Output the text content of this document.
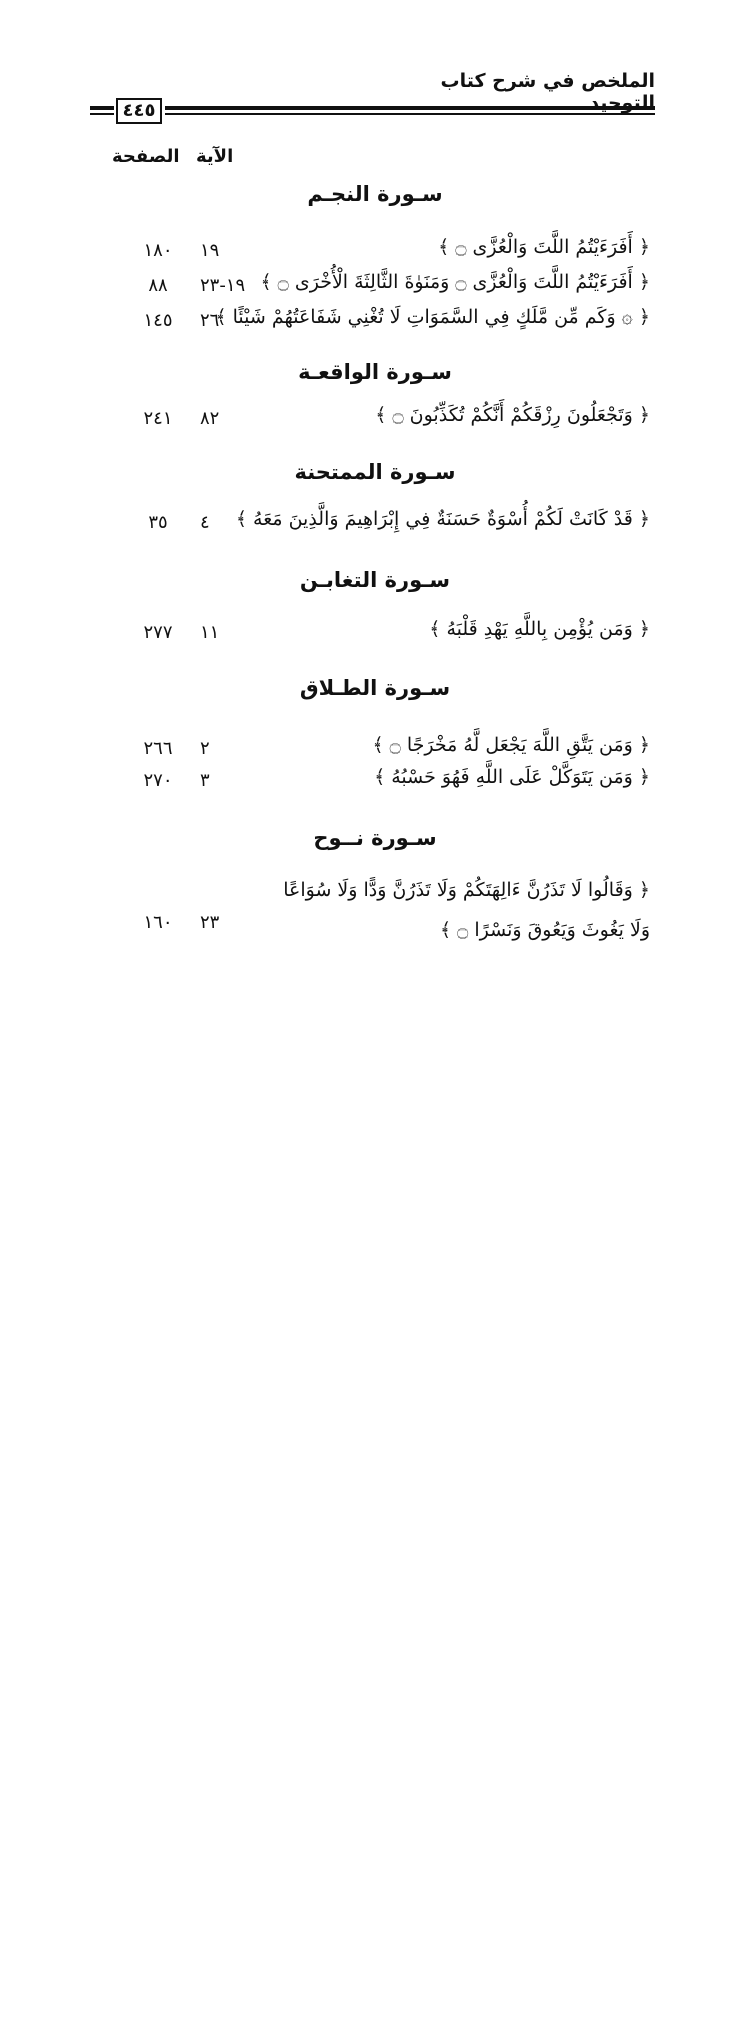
الملخص في شرح كتاب التوحيد
٤٤٥
الآية
الصفحة
سـورة النجـم
﴿ أَفَرَءَيْتُمُ اللَّتَ وَالْعُزَّى ۝ ﴾
١٩
١٨٠
﴿ أَفَرَءَيْتُمُ اللَّتَ وَالْعُزَّى ۝ وَمَنَوٰةَ الثَّالِثَةَ الْأُخْرَى ۝ ﴾
١٩-٢٣
٨٨
﴿ ۞ وَكَم مِّن مَّلَكٍ فِي السَّمَوَاتِ لَا تُغْنِي شَفَاعَتُهُمْ شَيْئًا ﴾
٢٦
١٤٥
سـورة الواقعـة
﴿ وَتَجْعَلُونَ رِزْقَكُمْ أَنَّكُمْ تُكَذِّبُونَ ۝ ﴾
٨٢
٢٤١
سـورة الممتحنة
﴿ قَدْ كَانَتْ لَكُمْ أُسْوَةٌ حَسَنَةٌ فِي إِبْرَاهِيمَ وَالَّذِينَ مَعَهُ ﴾
٤
٣٥
سـورة التغابـن
﴿ وَمَن يُؤْمِن بِاللَّهِ يَهْدِ قَلْبَهُ ﴾
١١
٢٧٧
سـورة الطـلاق
﴿ وَمَن يَتَّقِ اللَّهَ يَجْعَل لَّهُ مَخْرَجًا ۝ ﴾
٢
٢٦٦
﴿ وَمَن يَتَوَكَّلْ عَلَى اللَّهِ فَهُوَ حَسْبُهُ ﴾
٣
٢٧٠
سـورة نــوح
﴿ وَقَالُوا لَا تَذَرُنَّ ءَالِهَتَكُمْ وَلَا تَذَرُنَّ وَدًّا وَلَا سُوَاعًا وَلَا يَغُوثَ وَيَعُوقَ وَنَسْرًا ۝ ﴾
٢٣
١٦٠
